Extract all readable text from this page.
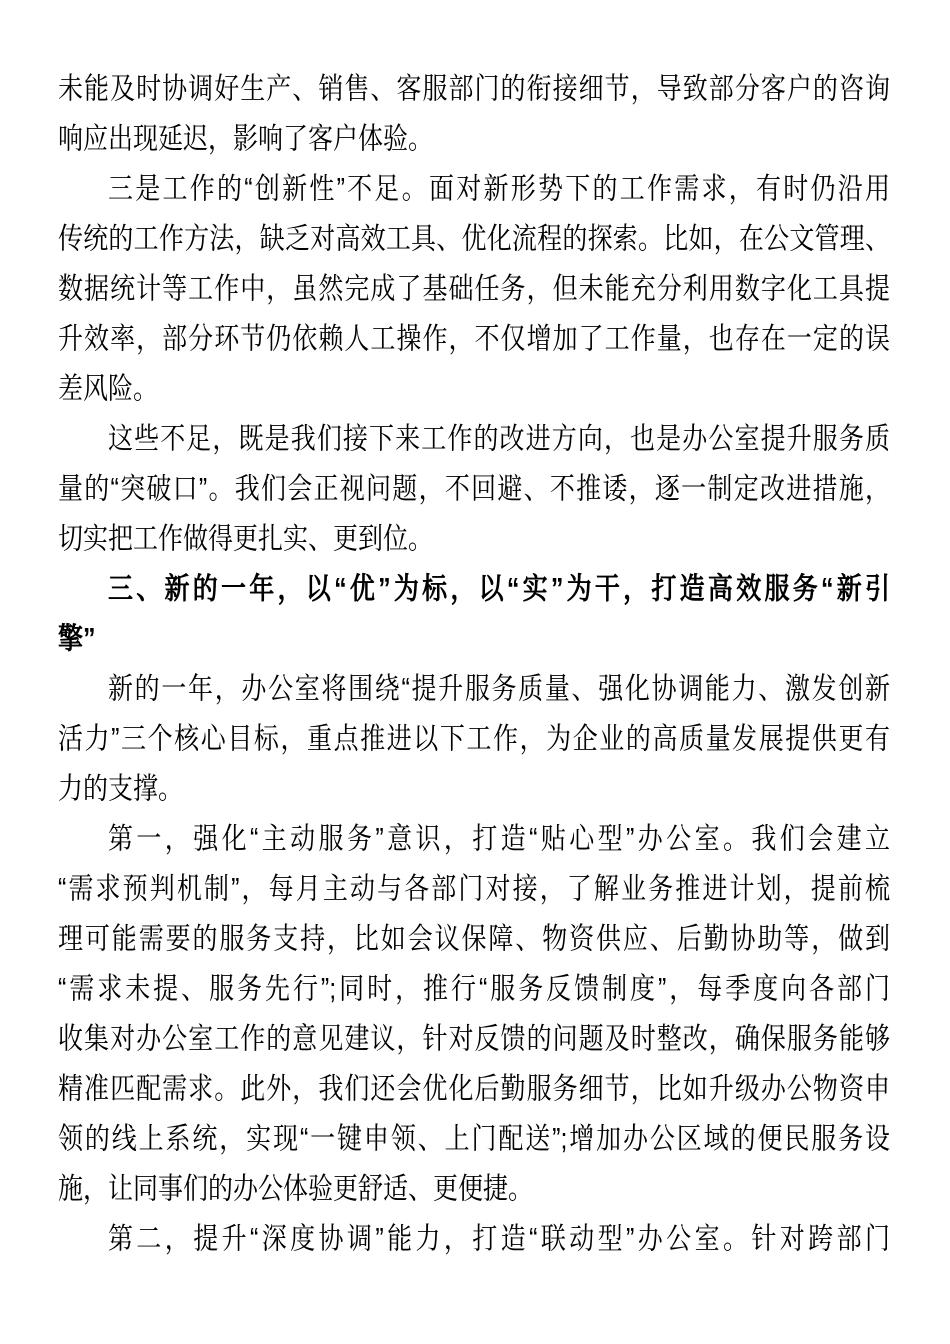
未能及时协调好生产、销售、客服部门的衔接细节，导致部分客户的咨询
响应出现延迟，影响了客户体验。
三是工作的“创新性”不足。面对新形势下的工作需求，有时仍沿用
传统的工作方法，缺乏对高效工具、优化流程的探索。比如，在公文管理、
数据统计等工作中，虽然完成了基础任务，但未能充分利用数字化工具提
升效率，部分环节仍依赖人工操作，不仅增加了工作量，也存在一定的误
差风险。
这些不足，既是我们接下来工作的改进方向，也是办公室提升服务质
量的“突破口”。我们会正视问题，不回避、不推诿，逐一制定改进措施，
切实把工作做得更扎实、更到位。
三、新的一年，以“优”为标，以“实”为干，打造高效服务“新引
擎”
新的一年，办公室将围绕“提升服务质量、强化协调能力、激发创新
活力”三个核心目标，重点推进以下工作，为企业的高质量发展提供更有
力的支撑。
第一，强化“主动服务”意识，打造“贴心型”办公室。我们会建立
“需求预判机制”，每月主动与各部门对接，了解业务推进计划，提前梳
理可能需要的服务支持，比如会议保障、物资供应、后勤协助等，做到
“需求未提、服务先行”;同时，推行“服务反馈制度”，每季度向各部门
收集对办公室工作的意见建议，针对反馈的问题及时整改，确保服务能够
精准匹配需求。此外，我们还会优化后勤服务细节，比如升级办公物资申
领的线上系统，实现“一键申领、上门配送”;增加办公区域的便民服务设
施，让同事们的办公体验更舒适、更便捷。
第二，提升“深度协调”能力，打造“联动型”办公室。针对跨部门
